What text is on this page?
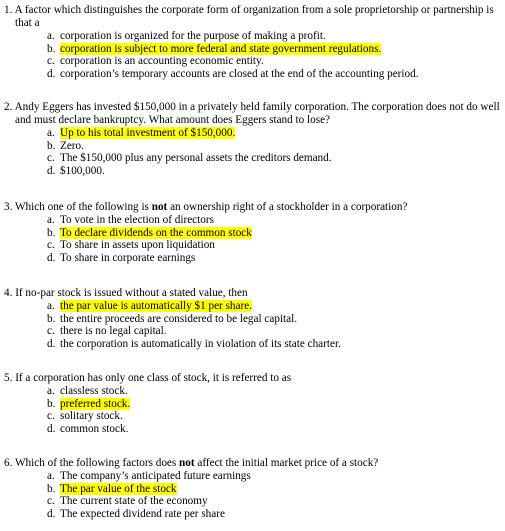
1. A factor which distinguishes the corporate form of organization from a sole proprietorship or partnership is that a
a. corporation is organized for the purpose of making a profit.
b. corporation is subject to more federal and state government regulations.
c. corporation is an accounting economic entity.
d. corporation’s temporary accounts are closed at the end of the accounting period.
2. Andy Eggers has invested $150,000 in a privately held family corporation. The corporation does not do well and must declare bankruptcy. What amount does Eggers stand to lose?
a. Up to his total investment of $150,000.
b. Zero.
c. The $150,000 plus any personal assets the creditors demand.
d. $100,000.
3. Which one of the following is not an ownership right of a stockholder in a corporation?
a. To vote in the election of directors
b. To declare dividends on the common stock
c. To share in assets upon liquidation
d. To share in corporate earnings
4. If no-par stock is issued without a stated value, then
a. the par value is automatically $1 per share.
b. the entire proceeds are considered to be legal capital.
c. there is no legal capital.
d. the corporation is automatically in violation of its state charter.
5. If a corporation has only one class of stock, it is referred to as
a. classless stock.
b. preferred stock.
c. solitary stock.
d. common stock.
6. Which of the following factors does not affect the initial market price of a stock?
a. The company’s anticipated future earnings
b. The par value of the stock
c. The current state of the economy
d. The expected dividend rate per share
